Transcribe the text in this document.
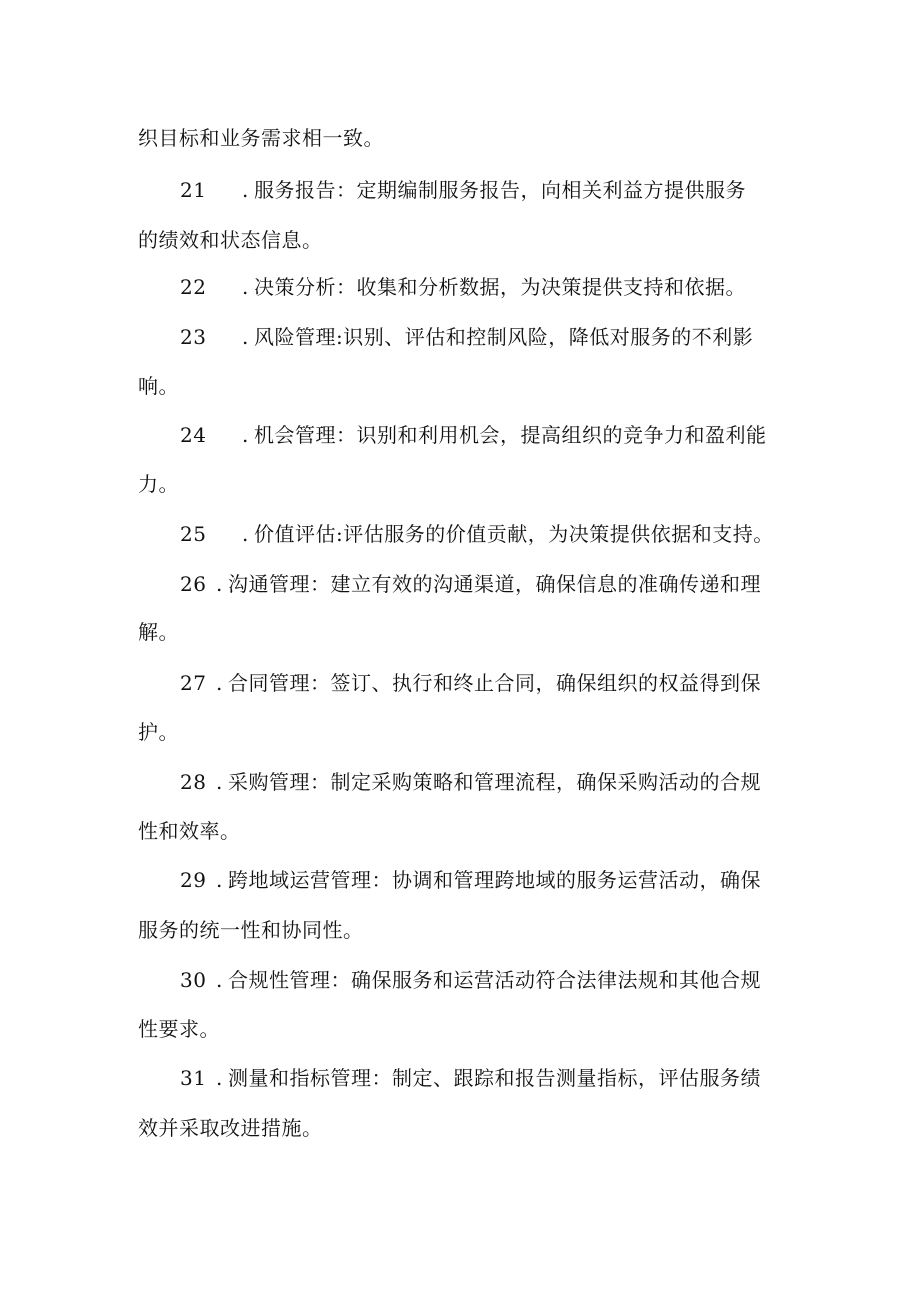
织目标和业务需求相一致。
21 . 服务报告：定期编制服务报告，向相关利益方提供服务
的绩效和状态信息。
22 . 决策分析：收集和分析数据，为决策提供支持和依据。
23 . 风险管理:识别、评估和控制风险，降低对服务的不利影
响。
24 . 机会管理：识别和利用机会，提高组织的竞争力和盈利能
力。
25 . 价值评估:评估服务的价值贡献，为决策提供依据和支持。
26 . 沟通管理：建立有效的沟通渠道，确保信息的准确传递和理
解。
27 . 合同管理：签订、执行和终止合同，确保组织的权益得到保
护。
28 . 采购管理：制定采购策略和管理流程，确保采购活动的合规
性和效率。
29 . 跨地域运营管理：协调和管理跨地域的服务运营活动，确保
服务的统一性和协同性。
30 . 合规性管理：确保服务和运营活动符合法律法规和其他合规
性要求。
31 . 测量和指标管理：制定、跟踪和报告测量指标，评估服务绩
效并采取改进措施。
